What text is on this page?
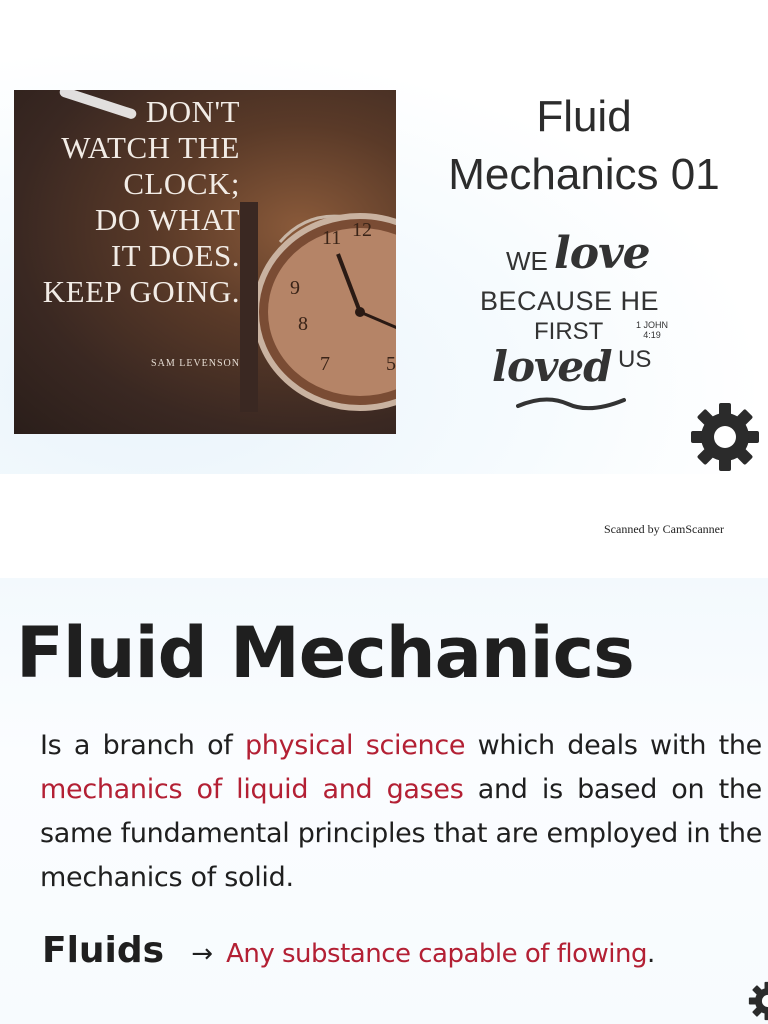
11 12
9
8
7	5
DON'T
WATCH THE
CLOCK;
DO WHAT
IT DOES.
KEEP GOING.
SAM LEVENSON
Fluid
Mechanics 01
WE love
BECAUSE HE
FIRST	1 JOHN
4:19
loved US
Scanned by CamScanner
Fluid Mechanics
Is a branch of physical science which deals with the mechanics of liquid and gases and is based on the same fundamental principles that are employed in the mechanics of solid.
Fluids → Any substance capable of flowing.
